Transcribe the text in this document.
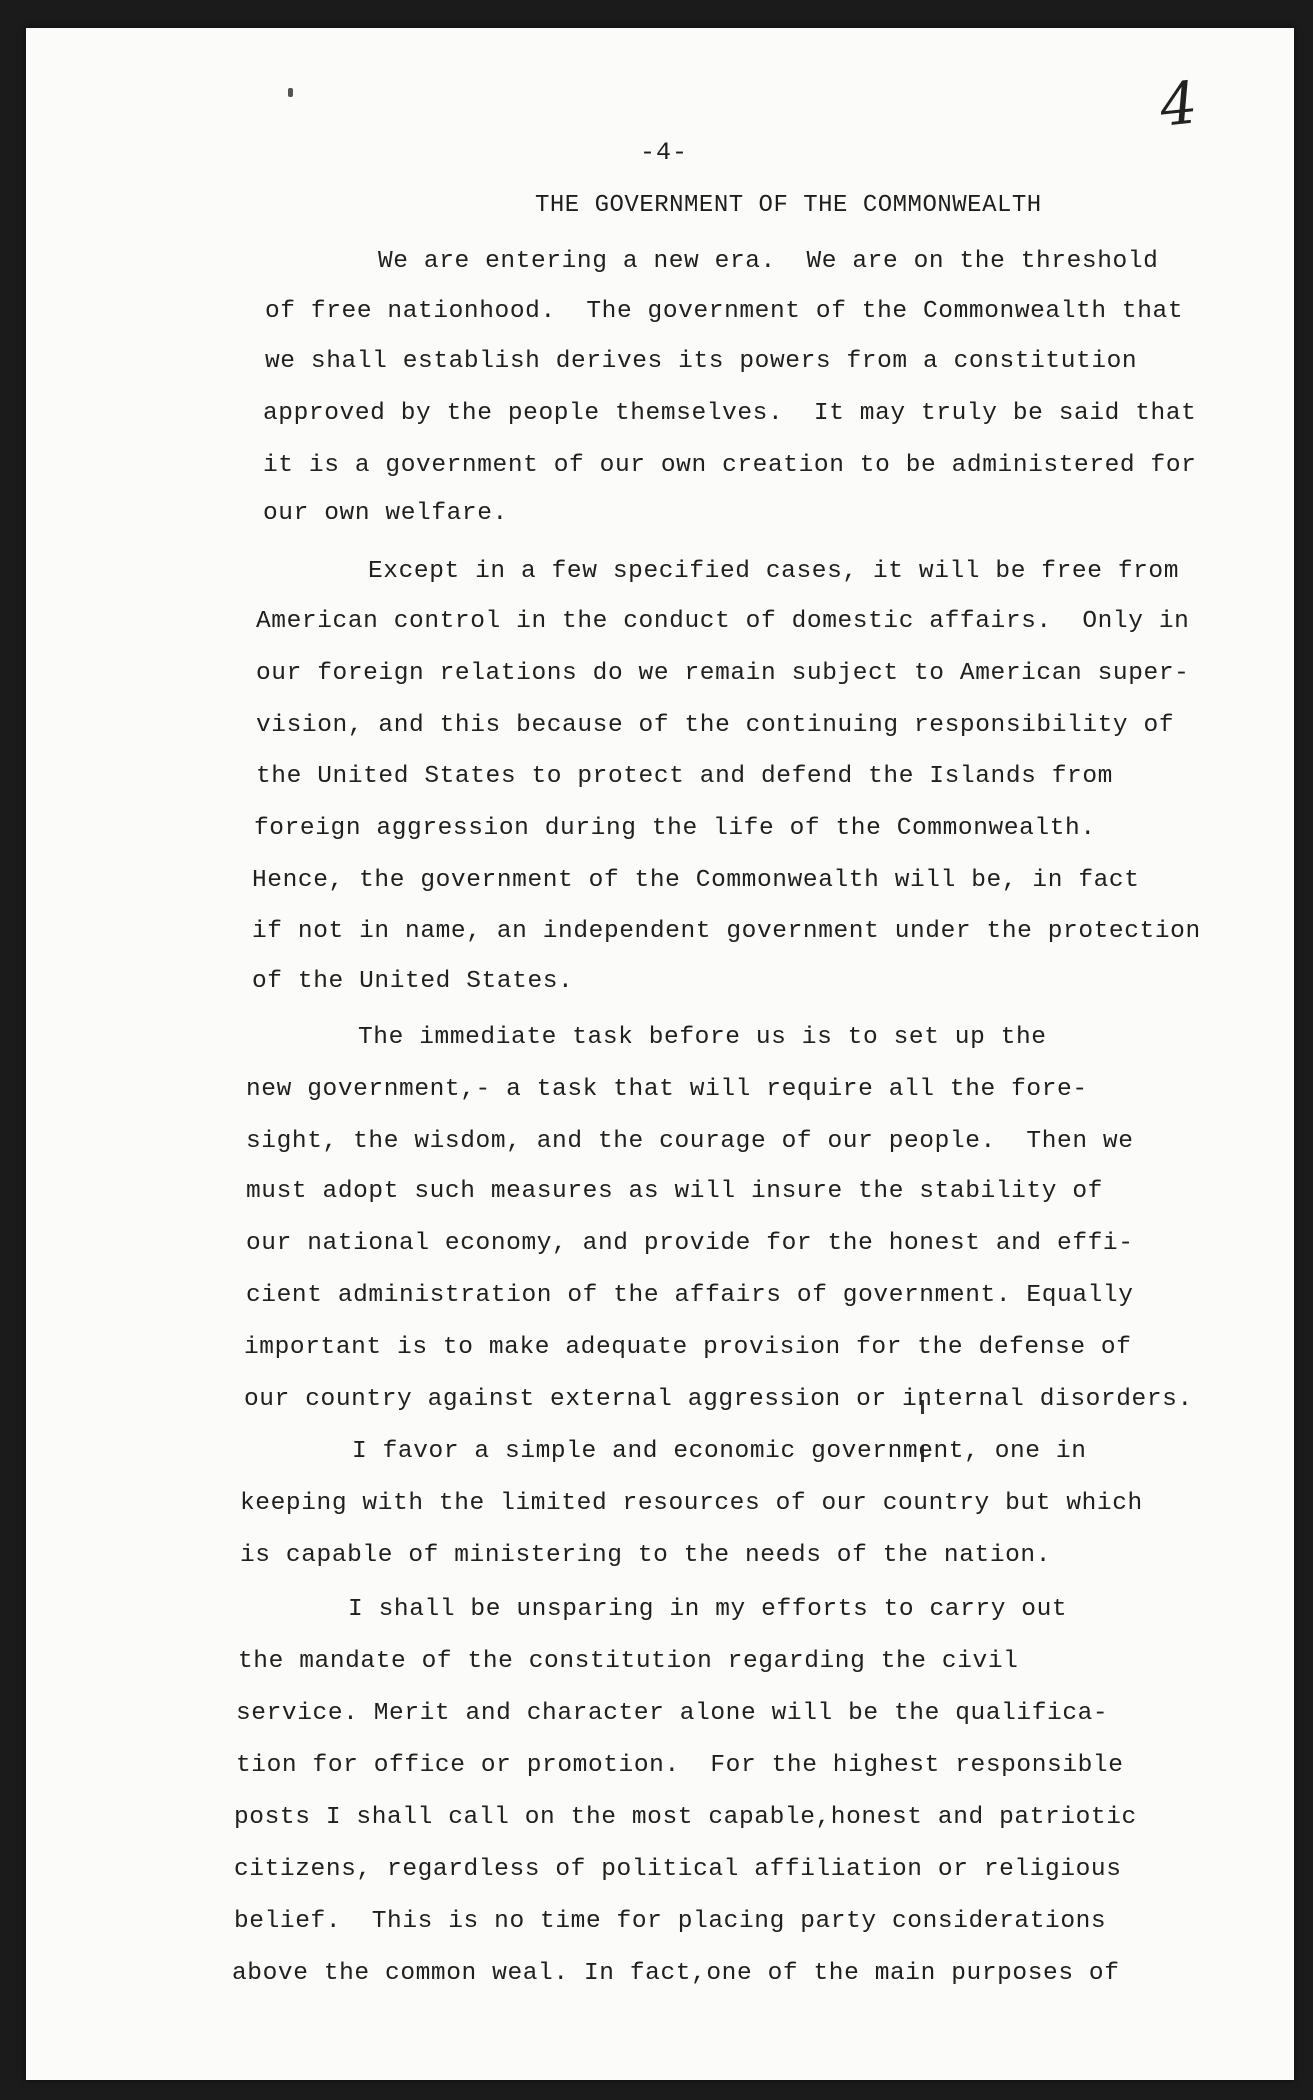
4
-4-
THE GOVERNMENT OF THE COMMONWEALTH
We are entering a new era.  We are on the threshold
of free nationhood.  The government of the Commonwealth that
we shall establish derives its powers from a constitution
approved by the people themselves.  It may truly be said that
it is a government of our own creation to be administered for
our own welfare.
Except in a few specified cases, it will be free from
American control in the conduct of domestic affairs.  Only in
our foreign relations do we remain subject to American super-
vision, and this because of the continuing responsibility of
the United States to protect and defend the Islands from
foreign aggression during the life of the Commonwealth.
Hence, the government of the Commonwealth will be, in fact
if not in name, an independent government under the protection
of the United States.
The immediate task before us is to set up the
new government,- a task that will require all the fore-
sight, the wisdom, and the courage of our people.  Then we
must adopt such measures as will insure the stability of
our national economy, and provide for the honest and effi-
cient administration of the affairs of government. Equally
important is to make adequate provision for the defense of
our country against external aggression or internal disorders.
I favor a simple and economic government, one in
keeping with the limited resources of our country but which
is capable of ministering to the needs of the nation.
I shall be unsparing in my efforts to carry out
the mandate of the constitution regarding the civil
service. Merit and character alone will be the qualifica-
tion for office or promotion.  For the highest responsible
posts I shall call on the most capable,honest and patriotic
citizens, regardless of political affiliation or religious
belief.  This is no time for placing party considerations
above the common weal. In fact,one of the main purposes of
